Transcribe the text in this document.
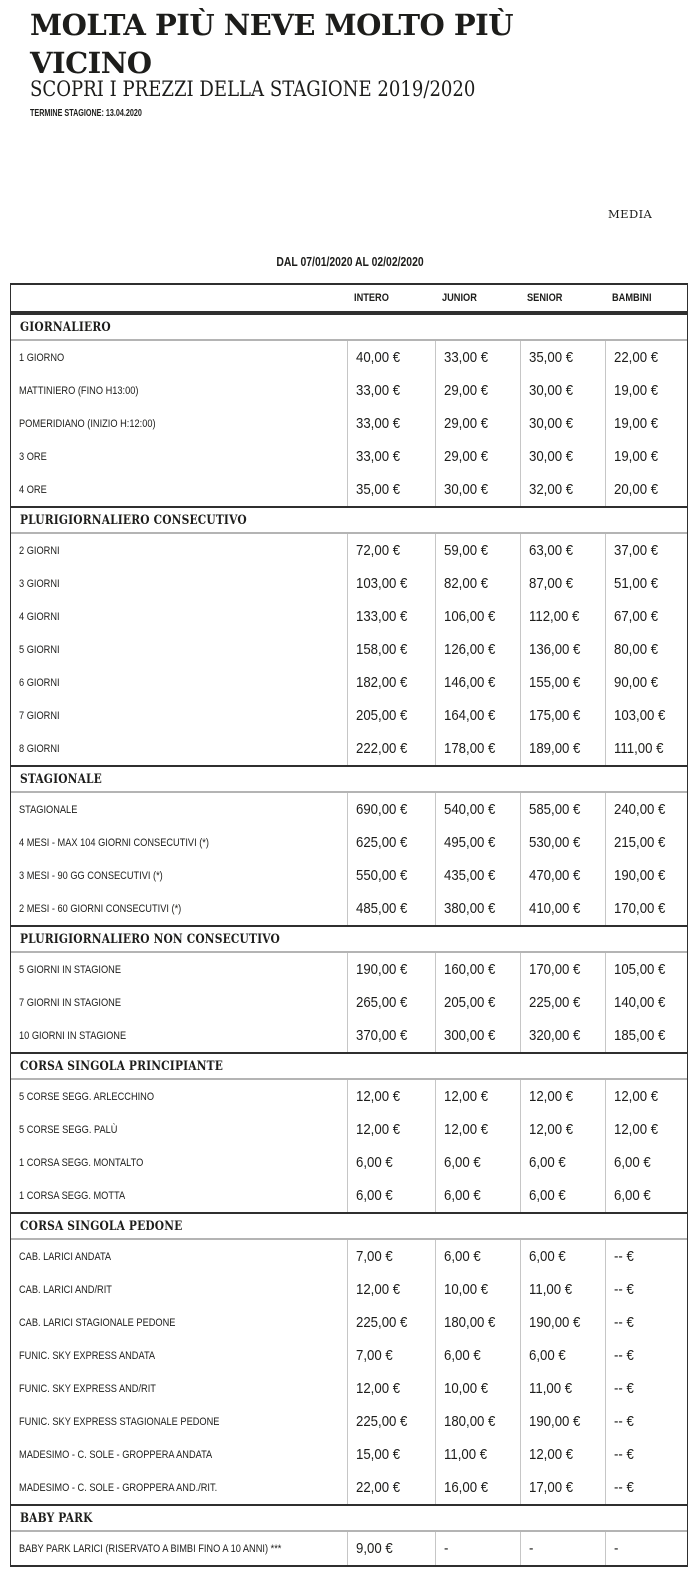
MOLTA PIÙ NEVE MOLTO PIÙ
VICINO
SCOPRI I PREZZI DELLA STAGIONE 2019/2020
TERMINE STAGIONE: 13.04.2020
MEDIA
DAL 07/01/2020 AL 02/02/2020
INTERO	JUNIOR	SENIOR	BAMBINI
GIORNALIERO
1 GIORNO	40,00 €	33,00 €	35,00 €	22,00 €
MATTINIERO (FINO H13:00)	33,00 €	29,00 €	30,00 €	19,00 €
POMERIDIANO (INIZIO H:12:00)	33,00 €	29,00 €	30,00 €	19,00 €
3 ORE	33,00 €	29,00 €	30,00 €	19,00 €
4 ORE	35,00 €	30,00 €	32,00 €	20,00 €
PLURIGIORNALIERO CONSECUTIVO
2 GIORNI	72,00 €	59,00 €	63,00 €	37,00 €
3 GIORNI	103,00 € 82,00 €	87,00 €	51,00 €
4 GIORNI	133,00 € 106,00 € 112,00 € 67,00 €
5 GIORNI	158,00 € 126,00 € 136,00 € 80,00 €
6 GIORNI	182,00 € 146,00 € 155,00 € 90,00 €
7 GIORNI	205,00 € 164,00 € 175,00 € 103,00 €
8 GIORNI	222,00 € 178,00 € 189,00 € 111,00 €
STAGIONALE
STAGIONALE	690,00 € 540,00 € 585,00 € 240,00 €
4 MESI - MAX 104 GIORNI CONSECUTIVI (*)	625,00 € 495,00 € 530,00 € 215,00 €
3 MESI - 90 GG CONSECUTIVI (*)	550,00 € 435,00 € 470,00 € 190,00 €
2 MESI - 60 GIORNI CONSECUTIVI (*)	485,00 € 380,00 € 410,00 € 170,00 €
PLURIGIORNALIERO NON CONSECUTIVO
5 GIORNI IN STAGIONE	190,00 € 160,00 € 170,00 € 105,00 €
7 GIORNI IN STAGIONE	265,00 € 205,00 € 225,00 € 140,00 €
10 GIORNI IN STAGIONE	370,00 € 300,00 € 320,00 € 185,00 €
CORSA SINGOLA PRINCIPIANTE
5 CORSE SEGG. ARLECCHINO	12,00 €	12,00 €	12,00 €	12,00 €
5 CORSE SEGG. PALÙ	12,00 €	12,00 €	12,00 €	12,00 €
1 CORSA SEGG. MONTALTO	6,00 €	6,00 €	6,00 €	6,00 €
1 CORSA SEGG. MOTTA	6,00 €	6,00 €	6,00 €	6,00 €
CORSA SINGOLA PEDONE
CAB. LARICI ANDATA	7,00 €	6,00 €	6,00 €	-- €
CAB. LARICI AND/RIT	12,00 €	10,00 €	11,00 €	-- €
CAB. LARICI STAGIONALE PEDONE	225,00 € 180,00 € 190,00 € -- €
FUNIC. SKY EXPRESS ANDATA	7,00 €	6,00 €	6,00 €	-- €
FUNIC. SKY EXPRESS AND/RIT	12,00 €	10,00 €	11,00 €	-- €
FUNIC. SKY EXPRESS STAGIONALE PEDONE	225,00 € 180,00 € 190,00 € -- €
MADESIMO - C. SOLE - GROPPERA ANDATA	15,00 €	11,00 €	12,00 €	-- €
MADESIMO - C. SOLE - GROPPERA AND./RIT.	22,00 €	16,00 €	17,00 €	-- €
BABY PARK
BABY PARK LARICI (RISERVATO A BIMBI FINO A 10 ANNI) ***	9,00 €	-	-	-
